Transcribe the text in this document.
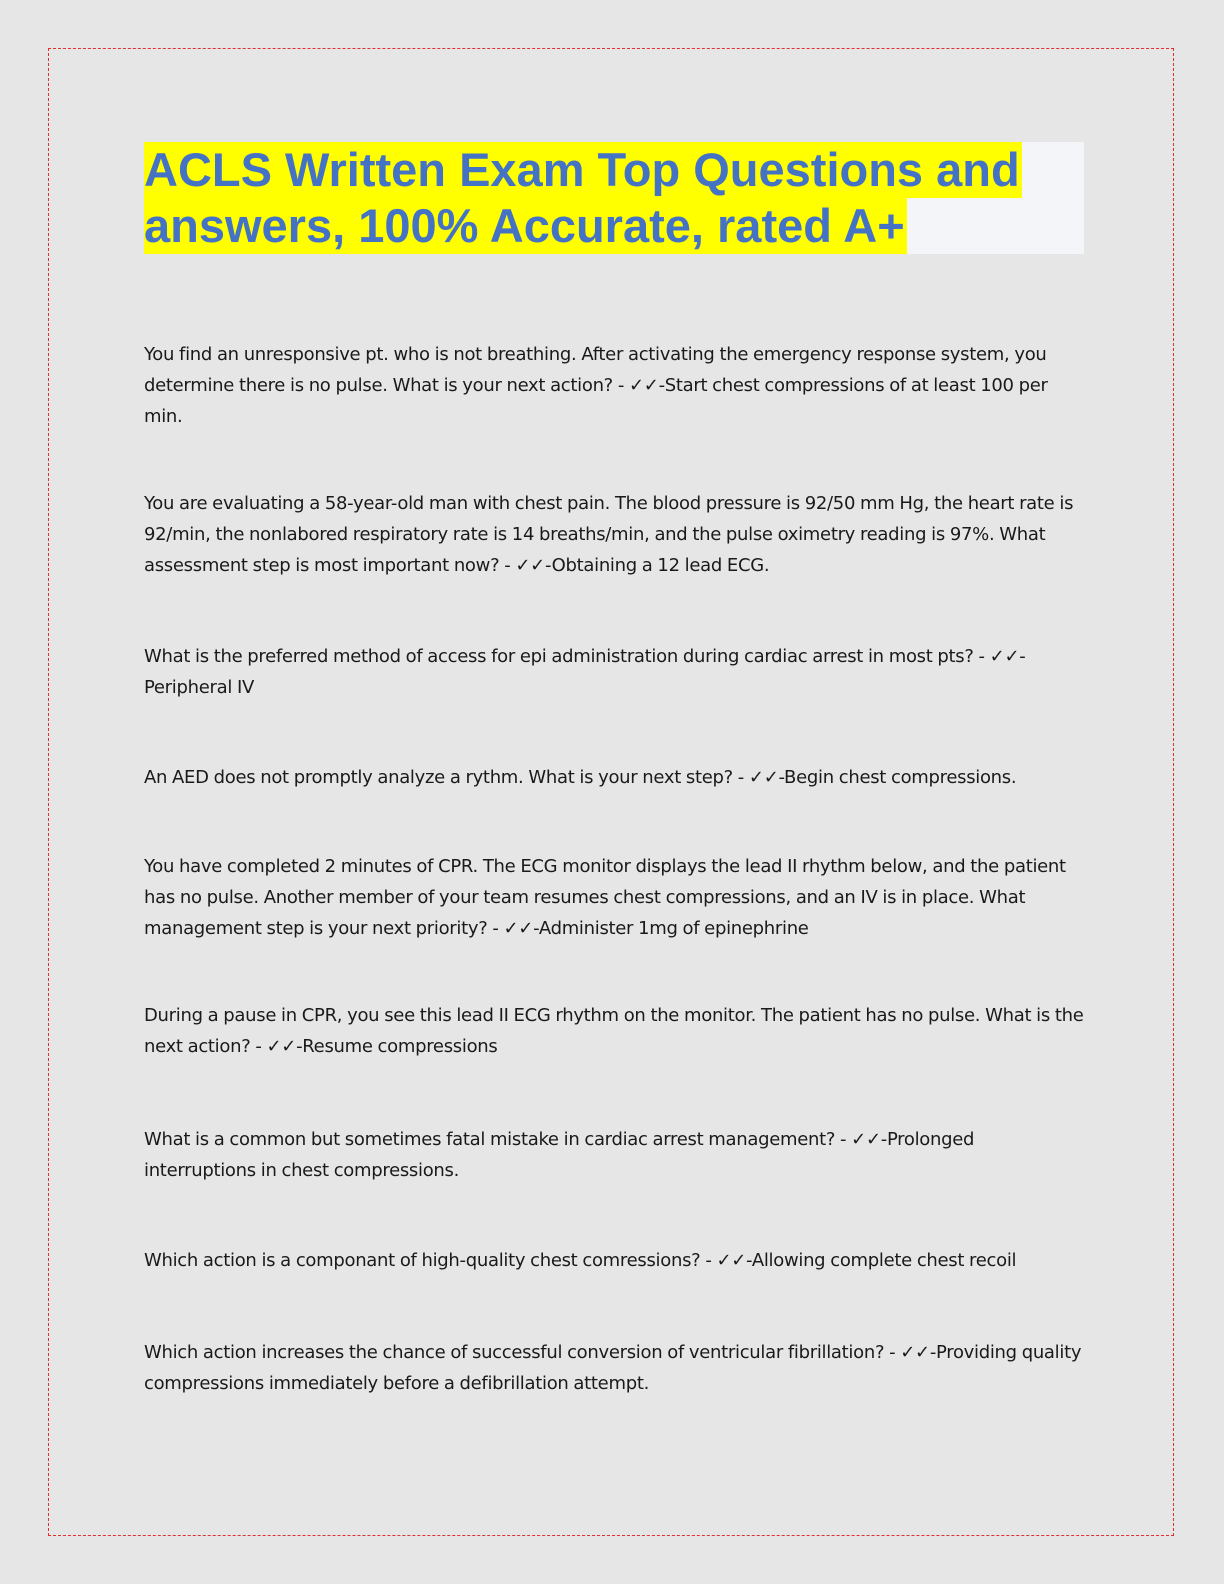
ACLS Written Exam Top Questions and
answers, 100% Accurate, rated A+
You find an unresponsive pt. who is not breathing. After activating the emergency response system, you determine there is no pulse. What is your next action? - ✓✓-Start chest compressions of at least 100 per min.
You are evaluating a 58-year-old man with chest pain. The blood pressure is 92/50 mm Hg, the heart rate is 92/min, the nonlabored respiratory rate is 14 breaths/min, and the pulse oximetry reading is 97%. What assessment step is most important now? - ✓✓-Obtaining a 12 lead ECG.
What is the preferred method of access for epi administration during cardiac arrest in most pts? - ✓✓-Peripheral IV
An AED does not promptly analyze a rythm. What is your next step? - ✓✓-Begin chest compressions.
You have completed 2 minutes of CPR. The ECG monitor displays the lead II rhythm below, and the patient has no pulse. Another member of your team resumes chest compressions, and an IV is in place. What management step is your next priority? - ✓✓-Administer 1mg of epinephrine
During a pause in CPR, you see this lead II ECG rhythm on the monitor. The patient has no pulse. What is the next action? - ✓✓-Resume compressions
What is a common but sometimes fatal mistake in cardiac arrest management? - ✓✓-Prolonged interruptions in chest compressions.
Which action is a componant of high-quality chest comressions? - ✓✓-Allowing complete chest recoil
Which action increases the chance of successful conversion of ventricular fibrillation? - ✓✓-Providing quality compressions immediately before a defibrillation attempt.
